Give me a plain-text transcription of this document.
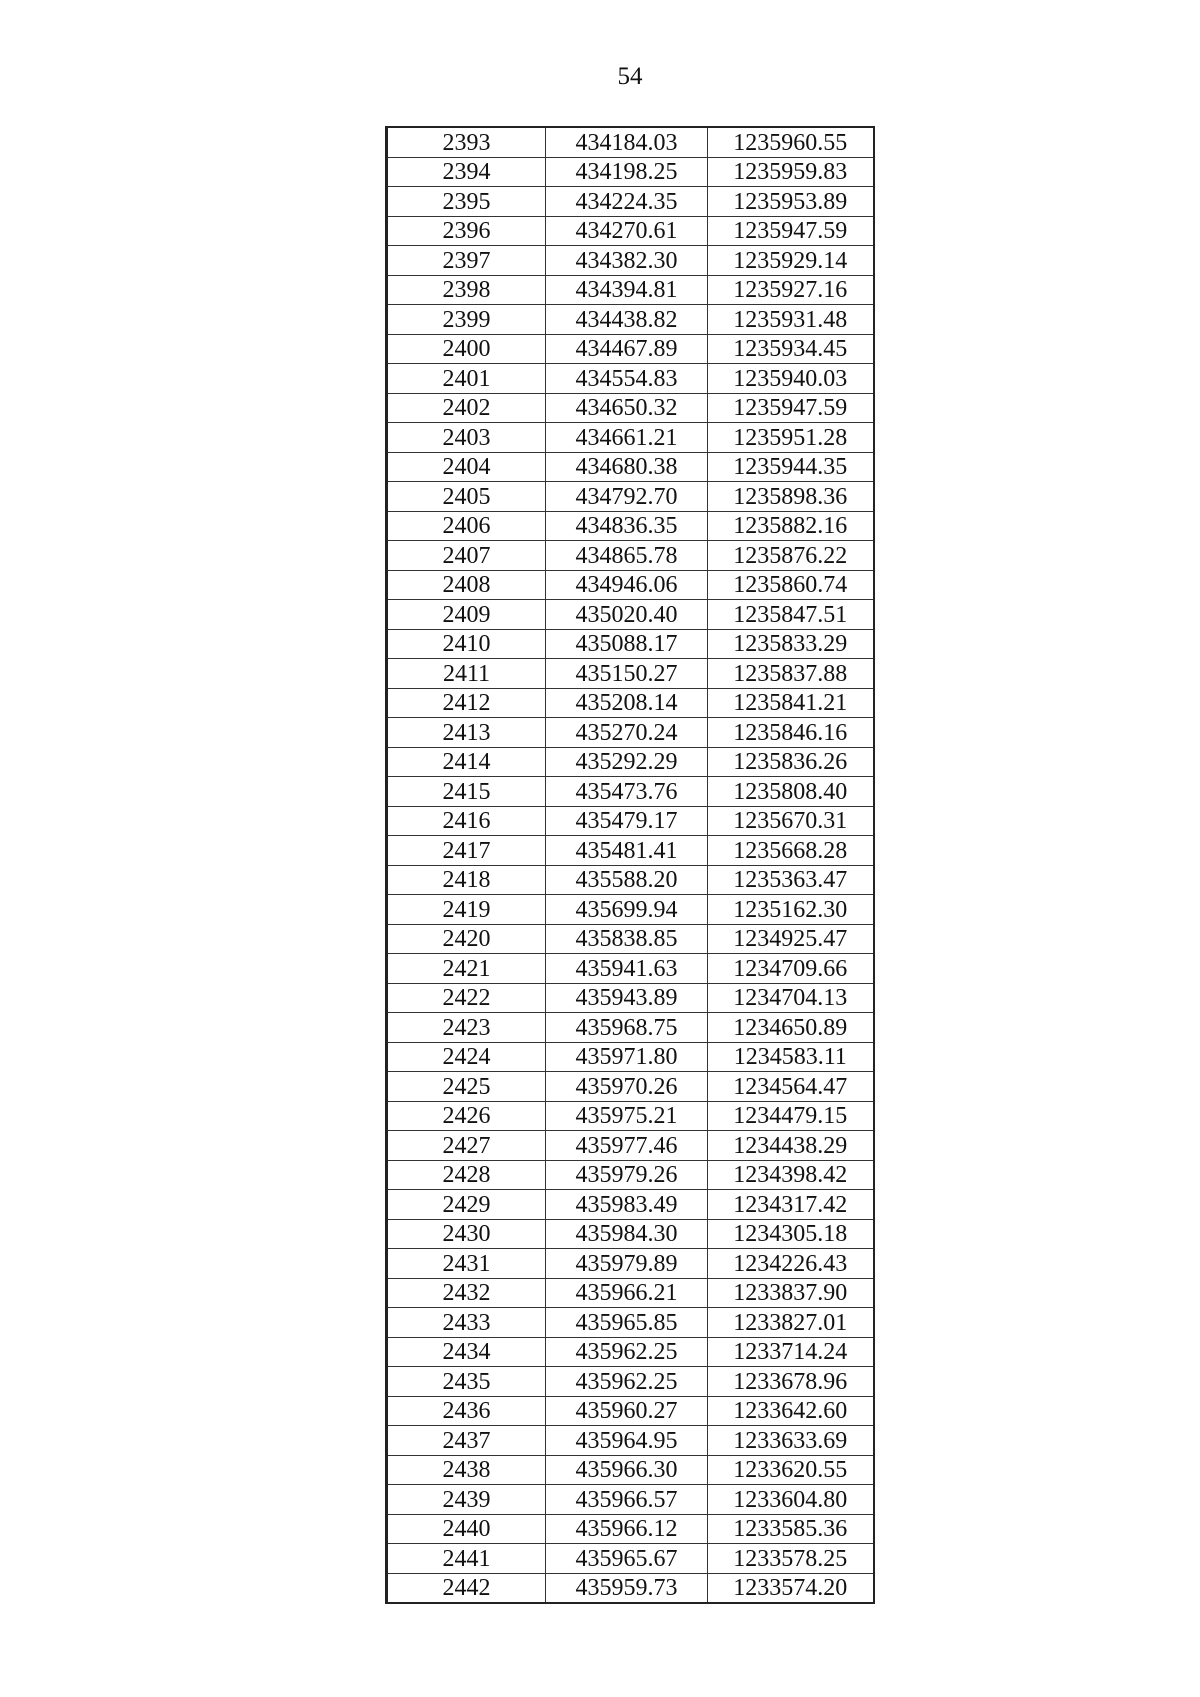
54
2393	434184.03	1235960.55
2394	434198.25	1235959.83
2395	434224.35	1235953.89
2396	434270.61	1235947.59
2397	434382.30	1235929.14
2398	434394.81	1235927.16
2399	434438.82	1235931.48
2400	434467.89	1235934.45
2401	434554.83	1235940.03
2402	434650.32	1235947.59
2403	434661.21	1235951.28
2404	434680.38	1235944.35
2405	434792.70	1235898.36
2406	434836.35	1235882.16
2407	434865.78	1235876.22
2408	434946.06	1235860.74
2409	435020.40	1235847.51
2410	435088.17	1235833.29
2411	435150.27	1235837.88
2412	435208.14	1235841.21
2413	435270.24	1235846.16
2414	435292.29	1235836.26
2415	435473.76	1235808.40
2416	435479.17	1235670.31
2417	435481.41	1235668.28
2418	435588.20	1235363.47
2419	435699.94	1235162.30
2420	435838.85	1234925.47
2421	435941.63	1234709.66
2422	435943.89	1234704.13
2423	435968.75	1234650.89
2424	435971.80	1234583.11
2425	435970.26	1234564.47
2426	435975.21	1234479.15
2427	435977.46	1234438.29
2428	435979.26	1234398.42
2429	435983.49	1234317.42
2430	435984.30	1234305.18
2431	435979.89	1234226.43
2432	435966.21	1233837.90
2433	435965.85	1233827.01
2434	435962.25	1233714.24
2435	435962.25	1233678.96
2436	435960.27	1233642.60
2437	435964.95	1233633.69
2438	435966.30	1233620.55
2439	435966.57	1233604.80
2440	435966.12	1233585.36
2441	435965.67	1233578.25
2442	435959.73	1233574.20
